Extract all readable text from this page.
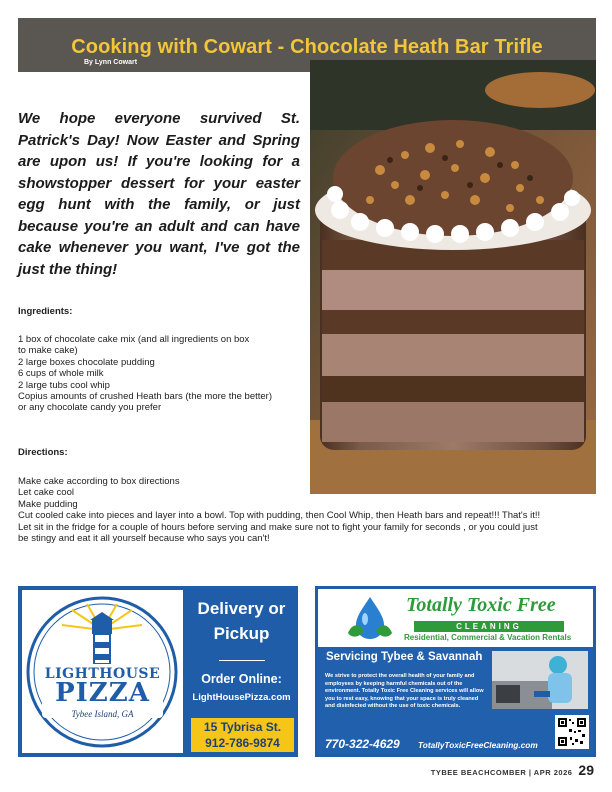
Cooking with Cowart - Chocolate Heath Bar Trifle
By Lynn Cowart
We hope everyone survived St. Patrick's Day! Now Easter and Spring are upon us! If you're looking for a showstopper dessert for your easter egg hunt with the family, or just because you're an adult and can have cake whenever you want, I've got the just the thing!
Ingredients:
1 box of chocolate cake mix (and all ingredients on box
to make cake)
2 large boxes chocolate pudding
6 cups of whole milk
2 large tubs cool whip
Copius amounts of crushed Heath bars (the more the better)
or any chocolate candy you prefer
Directions:
Make cake according to box directions
Let cake cool
Make pudding
Cut cooled cake into pieces and layer into a bowl. Top with pudding, then Cool Whip, then Heath bars and repeat!!! That's it!!
Let sit in the fridge for a couple of hours before serving and make sure not to fight your family for seconds , or you could just
be stingy and eat it all yourself because who says you can't!
LIGHTHOUSE
PIZZA
Tybee Island, GA
Delivery or
Pickup
Order Online:
LightHousePizza.com
15 Tybrisa St.
912-786-9874
Totally Toxic Free
CLEANING
Residential, Commercial & Vacation Rentals
Servicing Tybee & Savannah
We strive to protect the overall health of your family and employees by keeping harmful chemicals out of the environment. Totally Toxic Free Cleaning services will allow you to rest easy, knowing that your space is truly cleaned and disinfected without the use of toxic chemicals.
770-322-4629 TotallyToxicFreeCleaning.com
TYBEE BEACHCOMBER | APR 2026 29
